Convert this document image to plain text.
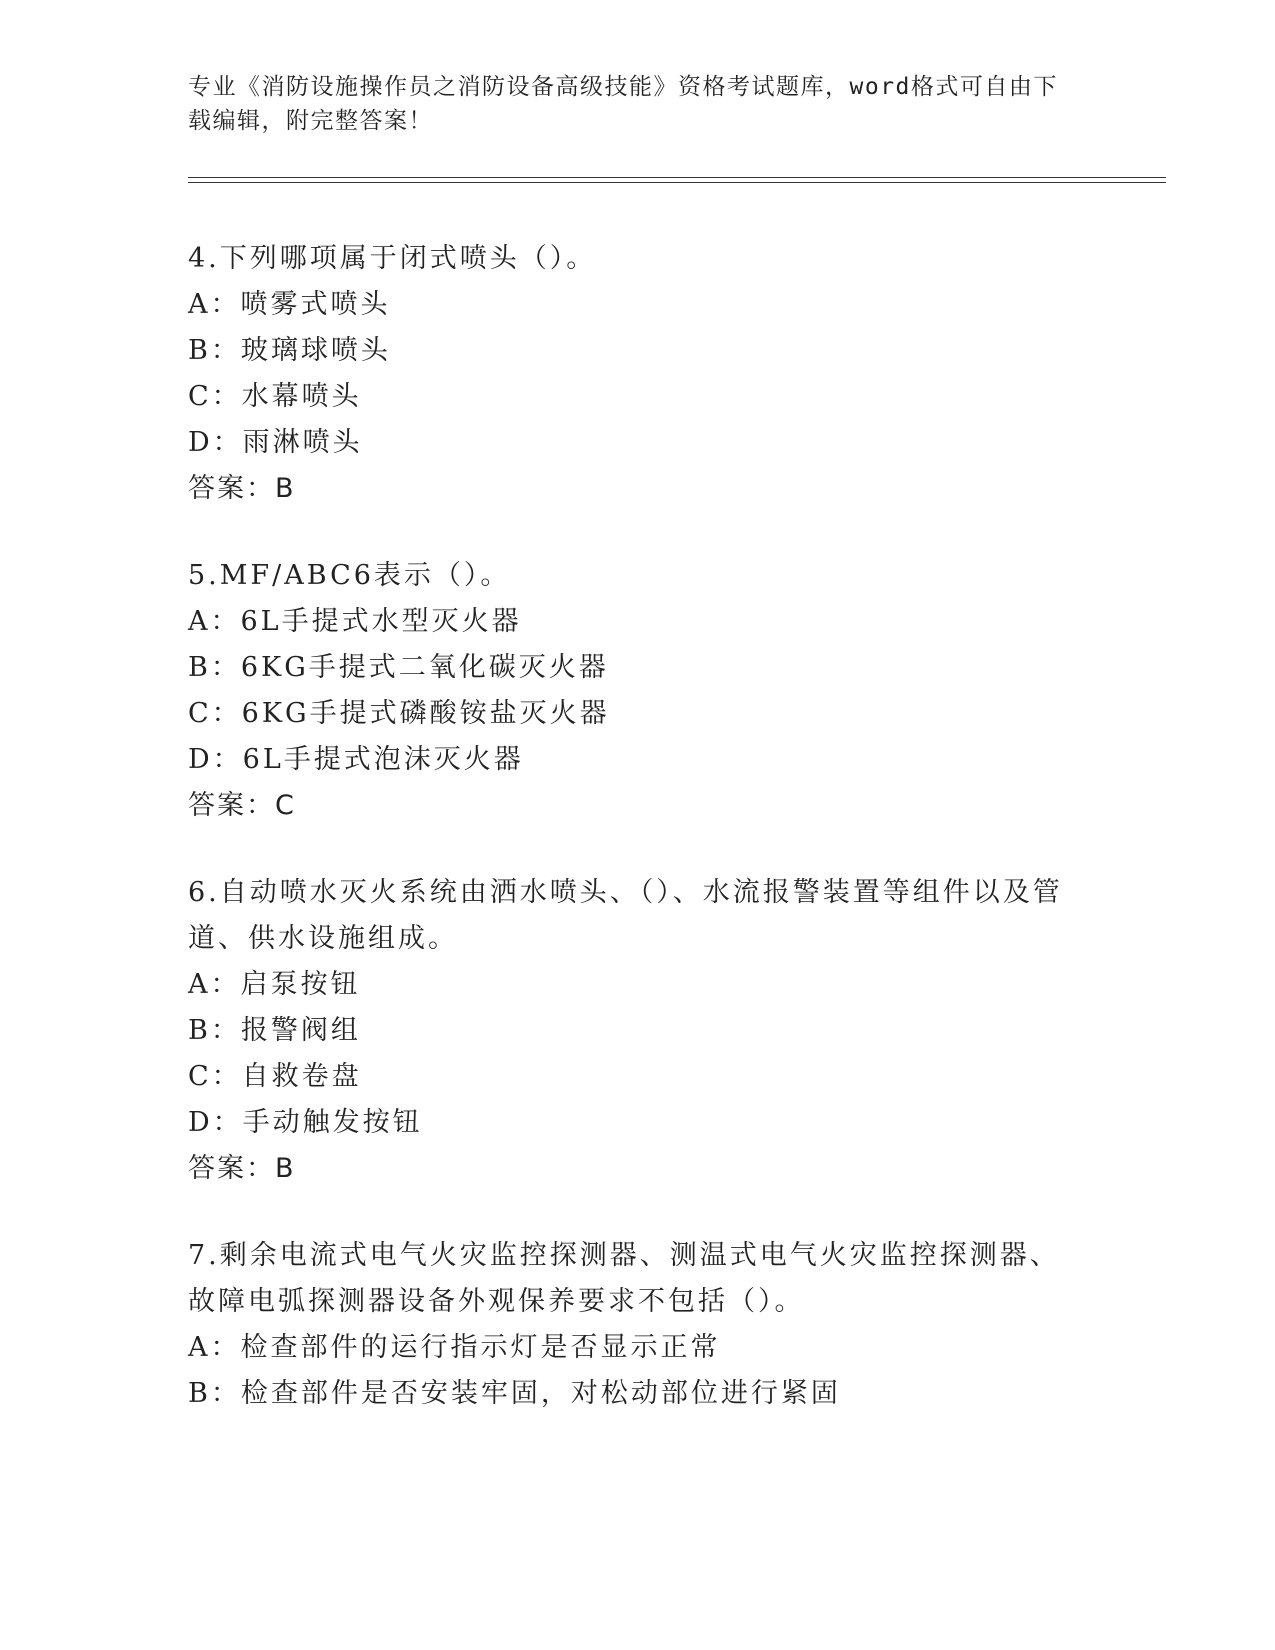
专业《消防设施操作员之消防设备高级技能》资格考试题库，word格式可自由下载编辑，附完整答案！
4.下列哪项属于闭式喷头（）。
A：喷雾式喷头
B：玻璃球喷头
C：水幕喷头
D：雨淋喷头
答案：B
5.MF/ABC6表示（）。
A：6L手提式水型灭火器
B：6KG手提式二氧化碳灭火器
C：6KG手提式磷酸铵盐灭火器
D：6L手提式泡沫灭火器
答案：C
6.自动喷水灭火系统由洒水喷头、（）、水流报警装置等组件以及管道、供水设施组成。
A：启泵按钮
B：报警阀组
C：自救卷盘
D：手动触发按钮
答案：B
7.剩余电流式电气火灾监控探测器、测温式电气火灾监控探测器、故障电弧探测器设备外观保养要求不包括（）。
A：检查部件的运行指示灯是否显示正常
B：检查部件是否安装牢固，对松动部位进行紧固
